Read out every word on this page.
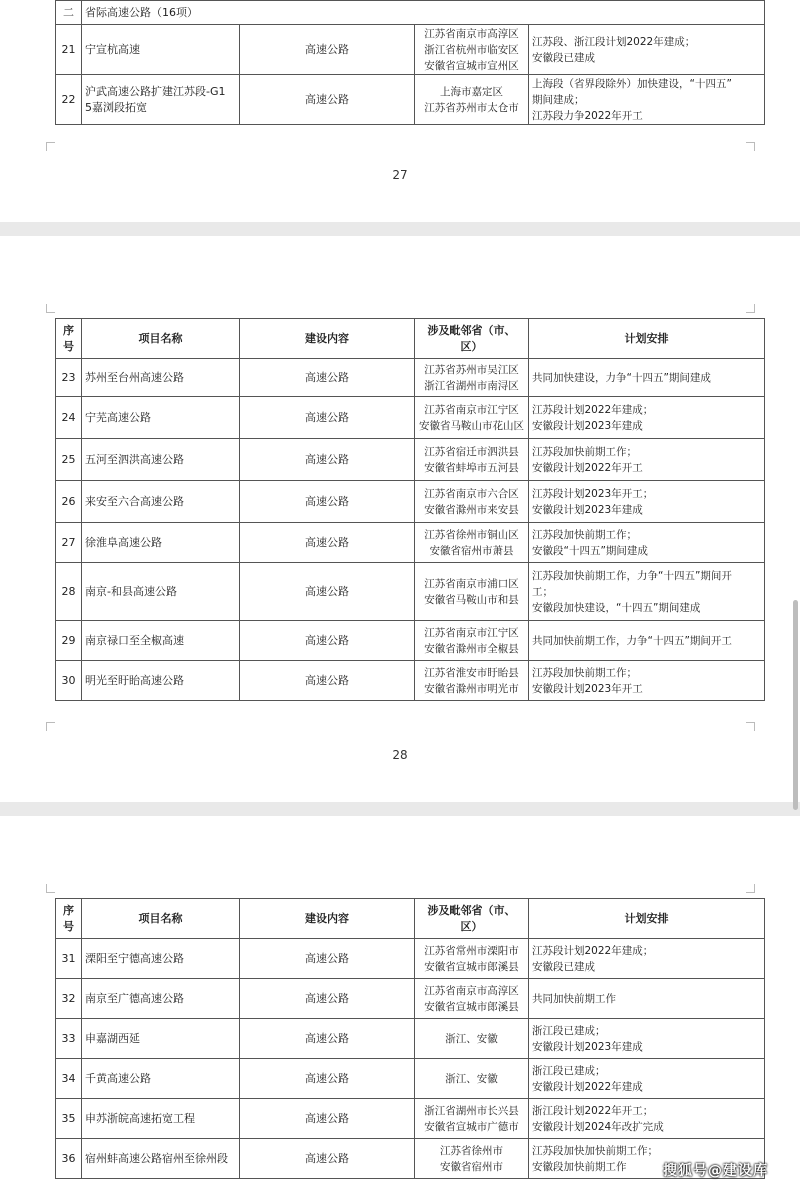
二	省际高速公路（16项）			
21	宁宣杭高速	高速公路	江苏省南京市高淳区
浙江省杭州市临安区
安徽省宣城市宣州区	江苏段、浙江段计划2022年建成；
安徽段已建成

22	沪武高速公路扩建江苏段-G1
5嘉浏段拓宽	高速公路	上海市嘉定区
江苏省苏州市太仓市	上海段（省界段除外）加快建设，“十四五”
期间建成；
江苏段力争2022年开工
27
序
号	项目名称	建设内容	涉及毗邻省（市、
区）	计划安排
23	苏州至台州高速公路	高速公路	江苏省苏州市吴江区
浙江省湖州市南浔区	共同加快建设，力争“十四五”期间建成

24	宁芜高速公路	高速公路	江苏省南京市江宁区
安徽省马鞍山市花山区	江苏段计划2022年建成；
安徽段计划2023年建成

25	五河至泗洪高速公路	高速公路	江苏省宿迁市泗洪县
安徽省蚌埠市五河县	江苏段加快前期工作；
安徽段计划2022年开工

26	来安至六合高速公路	高速公路	江苏省南京市六合区
安徽省滁州市来安县	江苏段计划2023年开工；
安徽段计划2023年建成

27	徐淮阜高速公路	高速公路	江苏省徐州市铜山区
安徽省宿州市萧县	江苏段加快前期工作；
安徽段“十四五”期间建成

28	南京-和县高速公路	高速公路	江苏省南京市浦口区
安徽省马鞍山市和县	江苏段加快前期工作，力争“十四五”期间开
工；
安徽段加快建设，“十四五”期间建成

29	南京禄口至全椒高速	高速公路	江苏省南京市江宁区
安徽省滁州市全椒县	共同加快前期工作，力争“十四五”期间开工

30	明光至盱眙高速公路	高速公路	江苏省淮安市盱眙县
安徽省滁州市明光市	江苏段加快前期工作；
安徽段计划2023年开工
28
序
号	项目名称	建设内容	涉及毗邻省（市、
区）	计划安排
31	溧阳至宁德高速公路	高速公路	江苏省常州市溧阳市
安徽省宣城市郎溪县	江苏段计划2022年建成；
安徽段已建成

32	南京至广德高速公路	高速公路	江苏省南京市高淳区
安徽省宣城市郎溪县	共同加快前期工作

33	申嘉湖西延	高速公路	浙江、安徽	浙江段已建成；
安徽段计划2023年建成

34	千黄高速公路	高速公路	浙江、安徽	浙江段已建成；
安徽段计划2022年建成

35	申苏浙皖高速拓宽工程	高速公路	浙江省湖州市长兴县
安徽省宣城市广德市	浙江段计划2022年开工；
安徽段计划2024年改扩完成

36	宿州蚌高速公路宿州至徐州段	高速公路	江苏省徐州市
安徽省宿州市	江苏段加快加快前期工作；
安徽段加快前期工作	搜狐号@建设库
